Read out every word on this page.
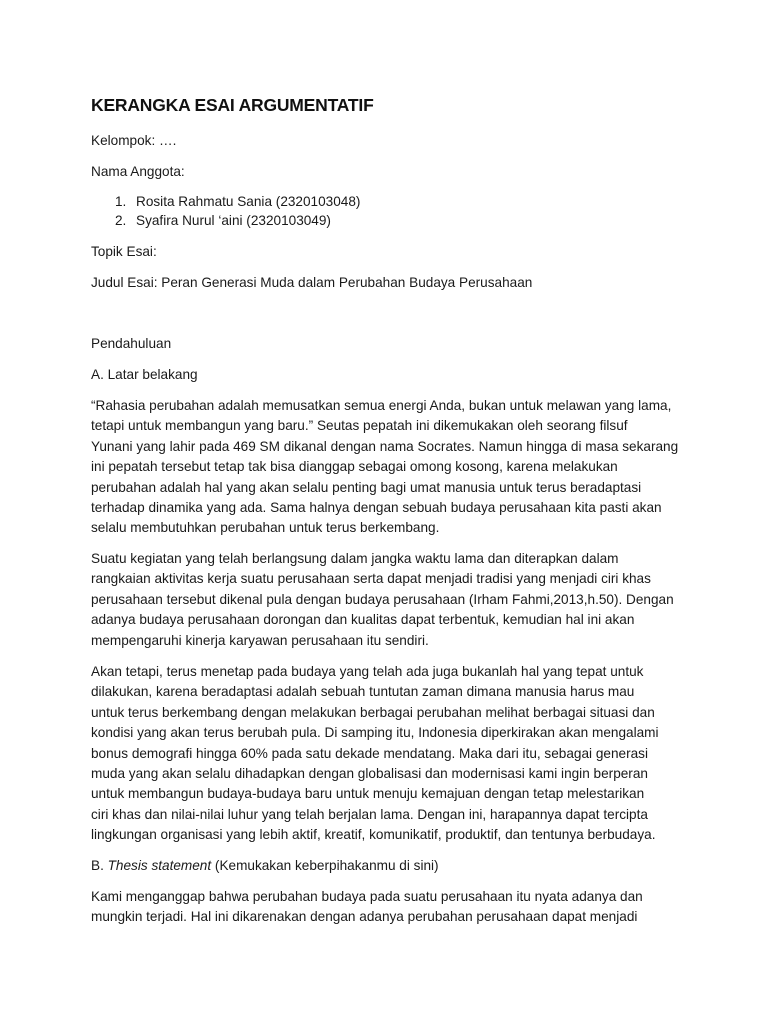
KERANGKA ESAI ARGUMENTATIF
Kelompok: ….
Nama Anggota:
1. Rosita Rahmatu Sania (2320103048)
2. Syafira Nurul ‘aini (2320103049)
Topik Esai:
Judul Esai: Peran Generasi Muda dalam Perubahan Budaya Perusahaan
Pendahuluan
A. Latar belakang
“Rahasia perubahan adalah memusatkan semua energi Anda, bukan untuk melawan yang lama,
tetapi untuk membangun yang baru.” Seutas pepatah ini dikemukakan oleh seorang filsuf
Yunani yang lahir pada 469 SM dikanal dengan nama Socrates. Namun hingga di masa sekarang
ini pepatah tersebut tetap tak bisa dianggap sebagai omong kosong, karena melakukan
perubahan adalah hal yang akan selalu penting bagi umat manusia untuk terus beradaptasi
terhadap dinamika yang ada. Sama halnya dengan sebuah budaya perusahaan kita pasti akan
selalu membutuhkan perubahan untuk terus berkembang.
Suatu kegiatan yang telah berlangsung dalam jangka waktu lama dan diterapkan dalam
rangkaian aktivitas kerja suatu perusahaan serta dapat menjadi tradisi yang menjadi ciri khas
perusahaan tersebut dikenal pula dengan budaya perusahaan (Irham Fahmi,2013,h.50). Dengan
adanya budaya perusahaan dorongan dan kualitas dapat terbentuk, kemudian hal ini akan
mempengaruhi kinerja karyawan perusahaan itu sendiri.
Akan tetapi, terus menetap pada budaya yang telah ada juga bukanlah hal yang tepat untuk
dilakukan, karena beradaptasi adalah sebuah tuntutan zaman dimana manusia harus mau
untuk terus berkembang dengan melakukan berbagai perubahan melihat berbagai situasi dan
kondisi yang akan terus berubah pula. Di samping itu, Indonesia diperkirakan akan mengalami
bonus demografi hingga 60% pada satu dekade mendatang. Maka dari itu, sebagai generasi
muda yang akan selalu dihadapkan dengan globalisasi dan modernisasi kami ingin berperan
untuk membangun budaya-budaya baru untuk menuju kemajuan dengan tetap melestarikan
ciri khas dan nilai-nilai luhur yang telah berjalan lama. Dengan ini, harapannya dapat tercipta
lingkungan organisasi yang lebih aktif, kreatif, komunikatif, produktif, dan tentunya berbudaya.
B. Thesis statement (Kemukakan keberpihakanmu di sini)
Kami menganggap bahwa perubahan budaya pada suatu perusahaan itu nyata adanya dan
mungkin terjadi. Hal ini dikarenakan dengan adanya perubahan perusahaan dapat menjadi
